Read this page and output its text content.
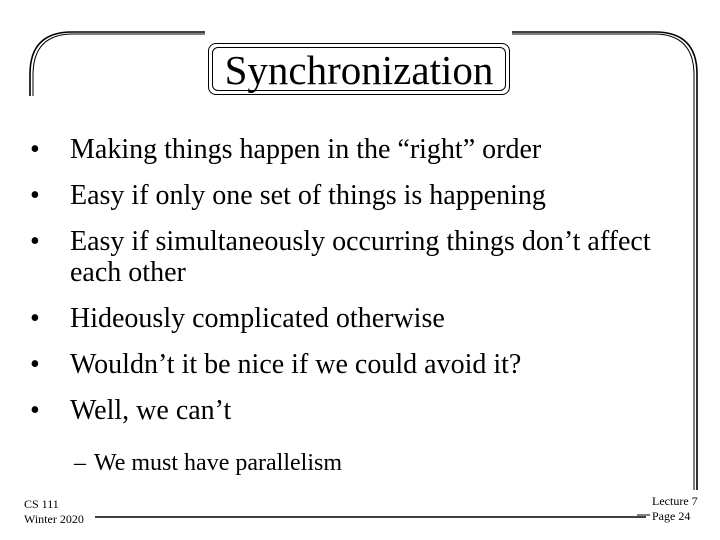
Synchronization
•	Making things happen in the “right” order
•	Easy if only one set of things is happening
•	Easy if simultaneously occurring things don’t affect each other
•	Hideously complicated otherwise
•	Wouldn’t it be nice if we could avoid it?
•	Well, we can’t
– We must have parallelism
CS 111
Winter 2020
Lecture 7
Page 24
